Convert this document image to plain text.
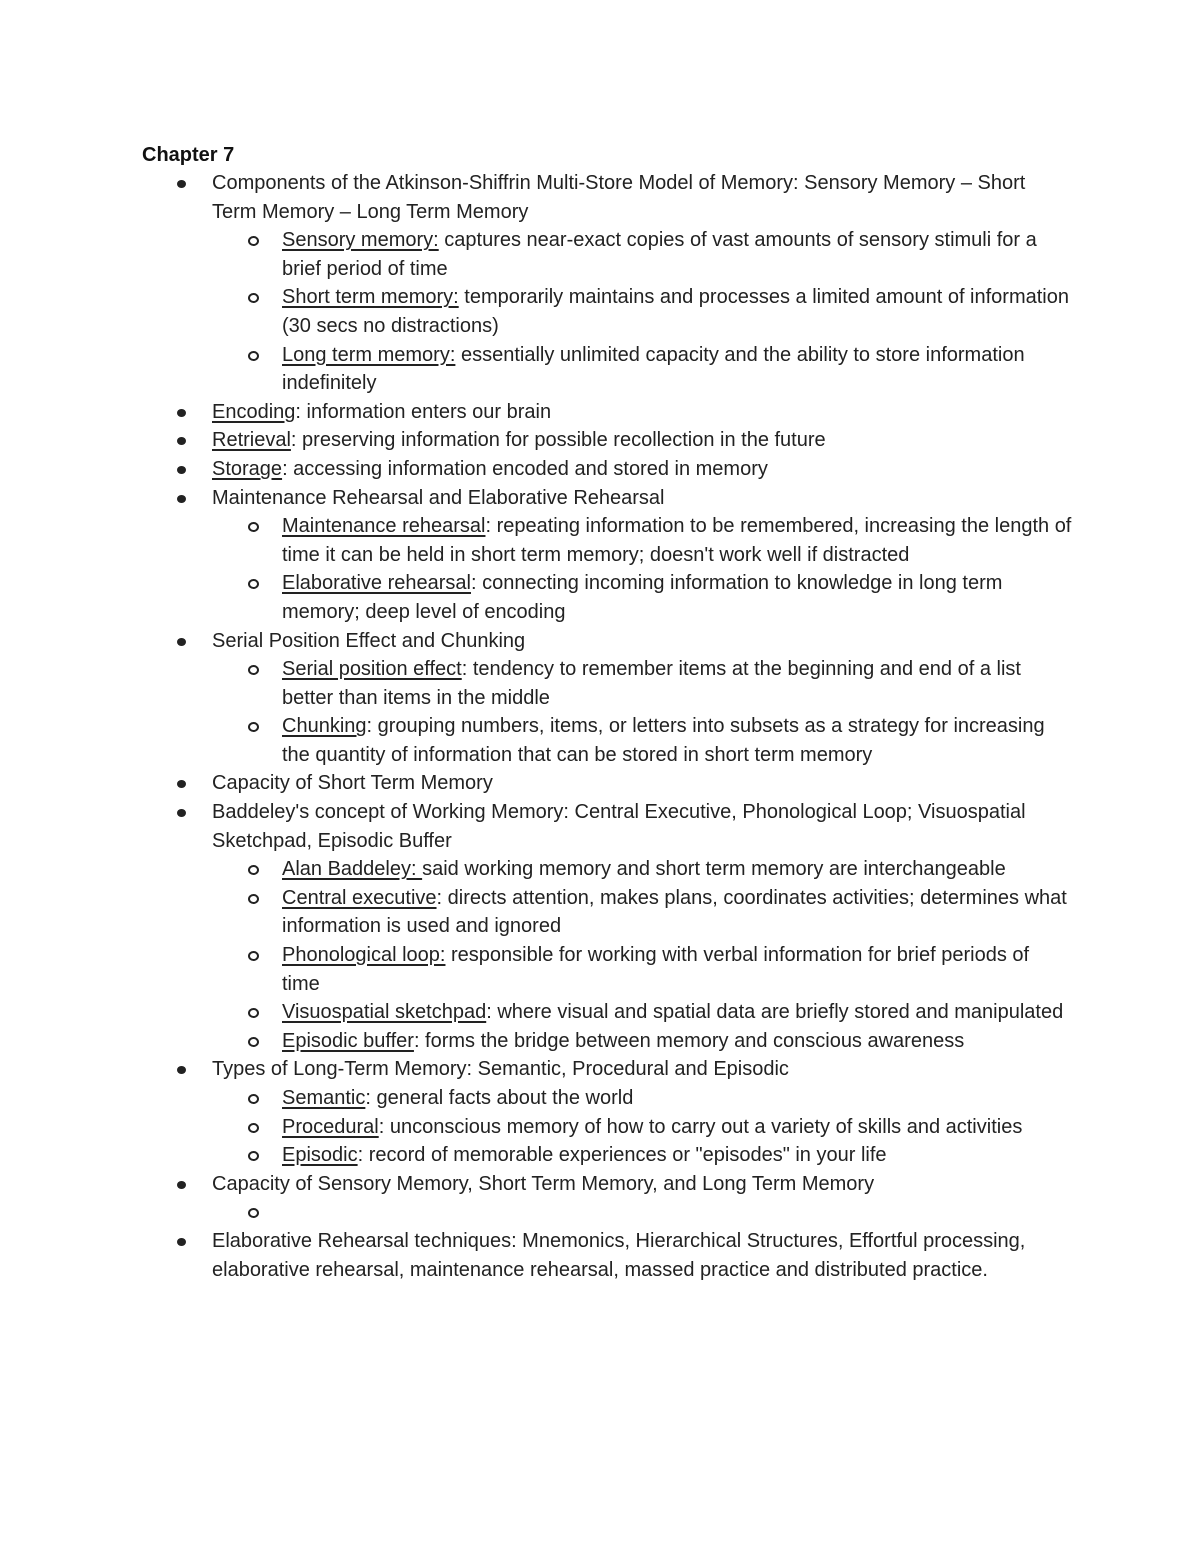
Chapter 7
Components of the Atkinson-Shiffrin Multi-Store Model of Memory: Sensory Memory – Short Term Memory – Long Term Memory
Sensory memory: captures near-exact copies of vast amounts of sensory stimuli for a brief period of time
Short term memory: temporarily maintains and processes a limited amount of information (30 secs no distractions)
Long term memory: essentially unlimited capacity and the ability to store information indefinitely
Encoding: information enters our brain
Retrieval: preserving information for possible recollection in the future
Storage: accessing information encoded and stored in memory
Maintenance Rehearsal and Elaborative Rehearsal
Maintenance rehearsal: repeating information to be remembered, increasing the length of time it can be held in short term memory; doesn't work well if distracted
Elaborative rehearsal: connecting incoming information to knowledge in long term memory; deep level of encoding
Serial Position Effect and Chunking
Serial position effect: tendency to remember items at the beginning and end of a list better than items in the middle
Chunking: grouping numbers, items, or letters into subsets as a strategy for increasing the quantity of information that can be stored in short term memory
Capacity of Short Term Memory
Baddeley's concept of Working Memory: Central Executive, Phonological Loop; Visuospatial Sketchpad, Episodic Buffer
Alan Baddeley: said working memory and short term memory are interchangeable
Central executive: directs attention, makes plans, coordinates activities; determines what information is used and ignored
Phonological loop: responsible for working with verbal information for brief periods of time
Visuospatial sketchpad: where visual and spatial data are briefly stored and manipulated
Episodic buffer: forms the bridge between memory and conscious awareness
Types of Long-Term Memory: Semantic, Procedural and Episodic
Semantic: general facts about the world
Procedural: unconscious memory of how to carry out a variety of skills and activities
Episodic: record of memorable experiences or "episodes" in your life
Capacity of Sensory Memory, Short Term Memory, and Long Term Memory
Elaborative Rehearsal techniques: Mnemonics, Hierarchical Structures, Effortful processing, elaborative rehearsal, maintenance rehearsal, massed practice and distributed practice.
